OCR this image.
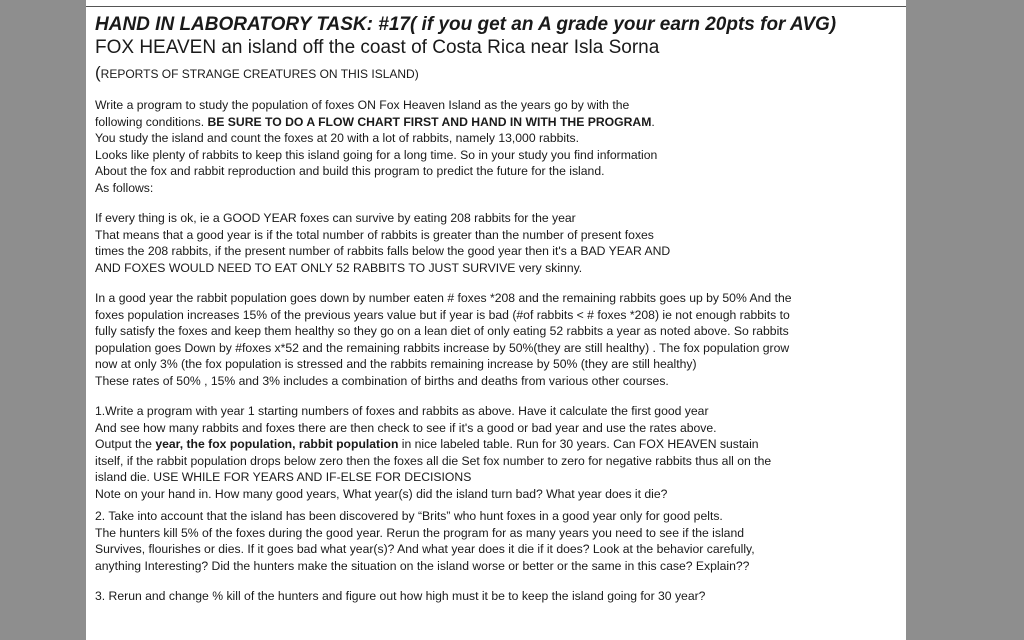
HAND IN LABORATORY TASK: #17( if you get an A grade your earn 20pts for AVG)

FOX HEAVEN an island off the coast of Costa Rica near Isla Sorna

(REPORTS OF STRANGE CREATURES ON THIS ISLAND)

Write a program to study the population of foxes ON Fox Heaven Island as the years go by with the
following conditions. BE SURE TO DO A FLOW CHART FIRST AND HAND IN WITH THE PROGRAM.
You study the island and count the foxes at 20 with a lot of rabbits, namely 13,000 rabbits.
Looks like plenty of rabbits to keep this island going for a long time. So in your study you find information
About the fox and rabbit reproduction and build this program to predict the future for the island.
As follows:
If every thing is ok, ie a GOOD YEAR foxes can survive by eating 208 rabbits for the year
That means that a good year is if the total number of rabbits is greater than the number of present foxes
times the 208 rabbits, if the present number of rabbits falls below the good year then it's a BAD YEAR AND
AND FOXES WOULD NEED TO EAT ONLY 52 RABBITS TO JUST SURVIVE very skinny.
In a good year the rabbit population goes down by number eaten # foxes *208 and the remaining rabbits goes up by 50% And the
foxes population increases 15% of the previous years value but if year is bad (#of rabbits < # foxes *208) ie not enough rabbits to
fully satisfy the foxes and keep them healthy so they go on a lean diet of only eating 52 rabbits a year as noted above. So rabbits
population goes Down by #foxes x*52 and the remaining rabbits increase by 50%(they are still healthy) . The fox population grow
now at only 3% (the fox population is stressed and the rabbits remaining increase by 50% (they are still healthy)
These rates of 50% , 15% and 3% includes a combination of births and deaths from various other courses.
1.Write a program with year 1 starting numbers of foxes and rabbits as above. Have it calculate the first good year
And see how many rabbits and foxes there are then check to see if it's a good or bad year and use the rates above.
Output the year, the fox population, rabbit population in nice labeled table. Run for 30 years. Can FOX HEAVEN sustain
itself, if the rabbit population drops below zero then the foxes all die Set fox number to zero for negative rabbits thus all on the
island die. USE WHILE FOR YEARS AND IF-ELSE FOR DECISIONS
Note on your hand in. How many good years, What year(s) did the island turn bad? What year does it die?
2. Take into account that the island has been discovered by “Brits” who hunt foxes in a good year only for good pelts.
The hunters kill 5% of the foxes during the good year. Rerun the program for as many years you need to see if the island
Survives, flourishes or dies. If it goes bad what year(s)? And what year does it die if it does? Look at the behavior carefully,
anything Interesting? Did the hunters make the situation on the island worse or better or the same in this case? Explain??
3. Rerun and change % kill of the hunters and figure out how high must it be to keep the island going for 30 year?
